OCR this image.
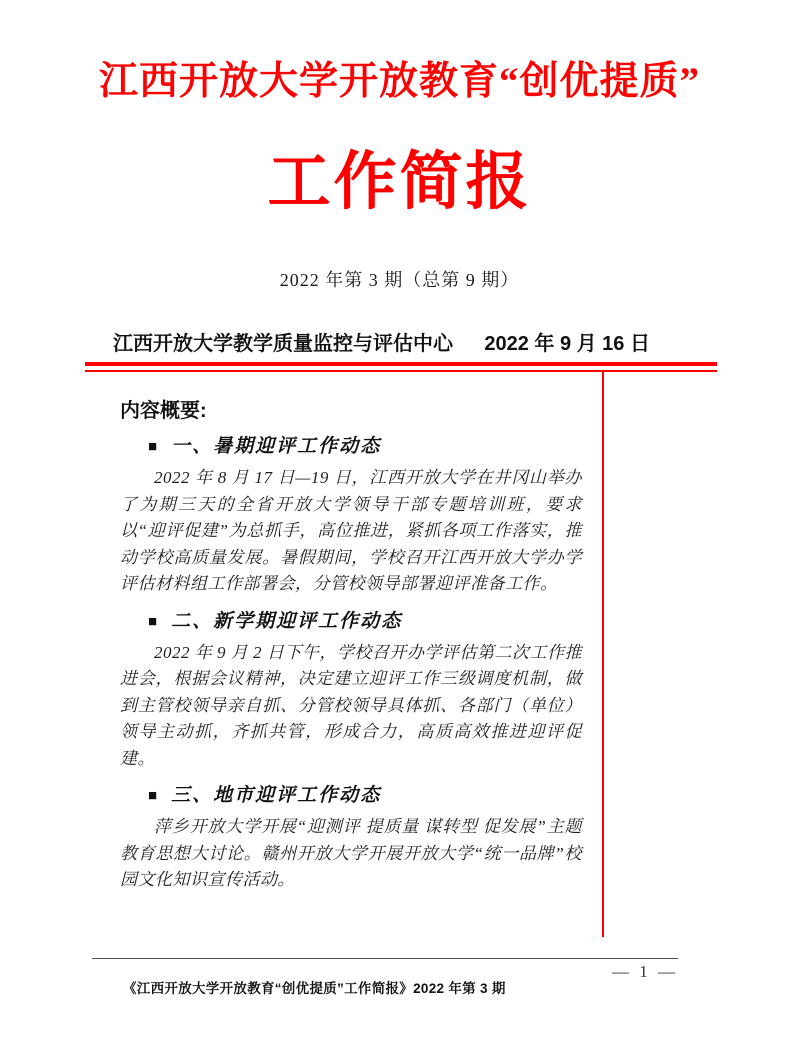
江西开放大学开放教育“创优提质”
工作简报
2022 年第 3 期（总第 9 期）
江西开放大学教学质量监控与评估中心 2022 年 9 月 16 日
内容概要:
■ 一、暑期迎评工作动态

2022 年 8 月 17 日—19 日，江西开放大学在井冈山举办了为期三天的全省开放大学领导干部专题培训班，要求以“迎评促建”为总抓手，高位推进，紧抓各项工作落实，推动学校高质量发展。暑假期间，学校召开江西开放大学办学评估材料组工作部署会，分管校领导部署迎评准备工作。

■ 二、新学期迎评工作动态

2022 年 9 月 2 日下午，学校召开办学评估第二次工作推进会，根据会议精神，决定建立迎评工作三级调度机制，做到主管校领导亲自抓、分管校领导具体抓、各部门（单位）领导主动抓，齐抓共管，形成合力，高质高效推进迎评促建。

■ 三、地市迎评工作动态

萍乡开放大学开展“迎测评 提质量 谋转型 促发展”主题教育思想大讨论。赣州开放大学开展开放大学“统一品牌”校园文化知识宣传活动。

— 1 —
《江西开放大学开放教育“创优提质”工作简报》2022 年第 3 期
